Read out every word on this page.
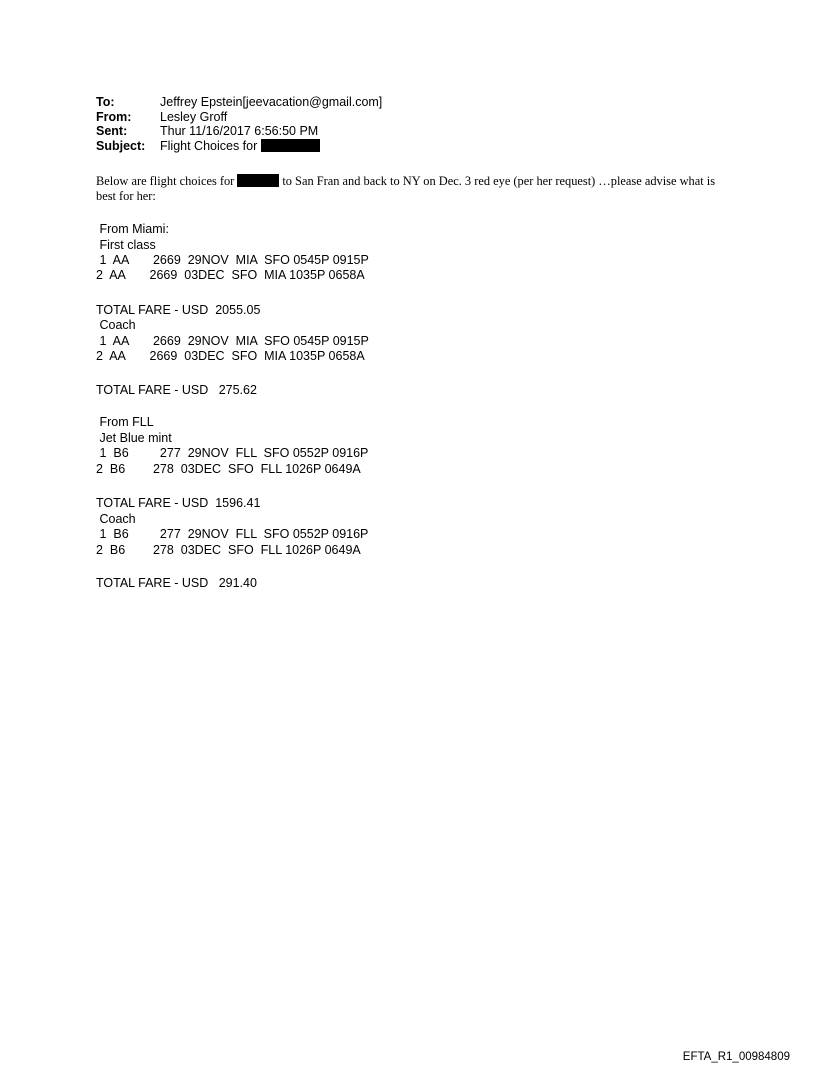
To:	Jeffrey Epstein[jeevacation@gmail.com]
From:	Lesley Groff
Sent:	Thur 11/16/2017 6:56:50 PM
Subject:	Flight Choices for
Below are flight choices for	to San Fran and back to NY on Dec. 3 red eye (per her request) …please advise what is best for her:
From Miami:
First class
1  AA       2669  29NOV  MIA  SFO 0545P 0915P
2  AA       2669  03DEC  SFO  MIA 1035P 0658A
TOTAL FARE - USD  2055.05
Coach
1  AA       2669  29NOV  MIA  SFO 0545P 0915P
2  AA       2669  03DEC  SFO  MIA 1035P 0658A
TOTAL FARE - USD   275.62
From FLL
Jet Blue mint
1  B6         277  29NOV  FLL  SFO 0552P 0916P
2  B6        278  03DEC  SFO  FLL 1026P 0649A
TOTAL FARE - USD  1596.41
Coach
1  B6         277  29NOV  FLL  SFO 0552P 0916P
2  B6        278  03DEC  SFO  FLL 1026P 0649A
TOTAL FARE - USD   291.40
EFTA_R1_00984809
